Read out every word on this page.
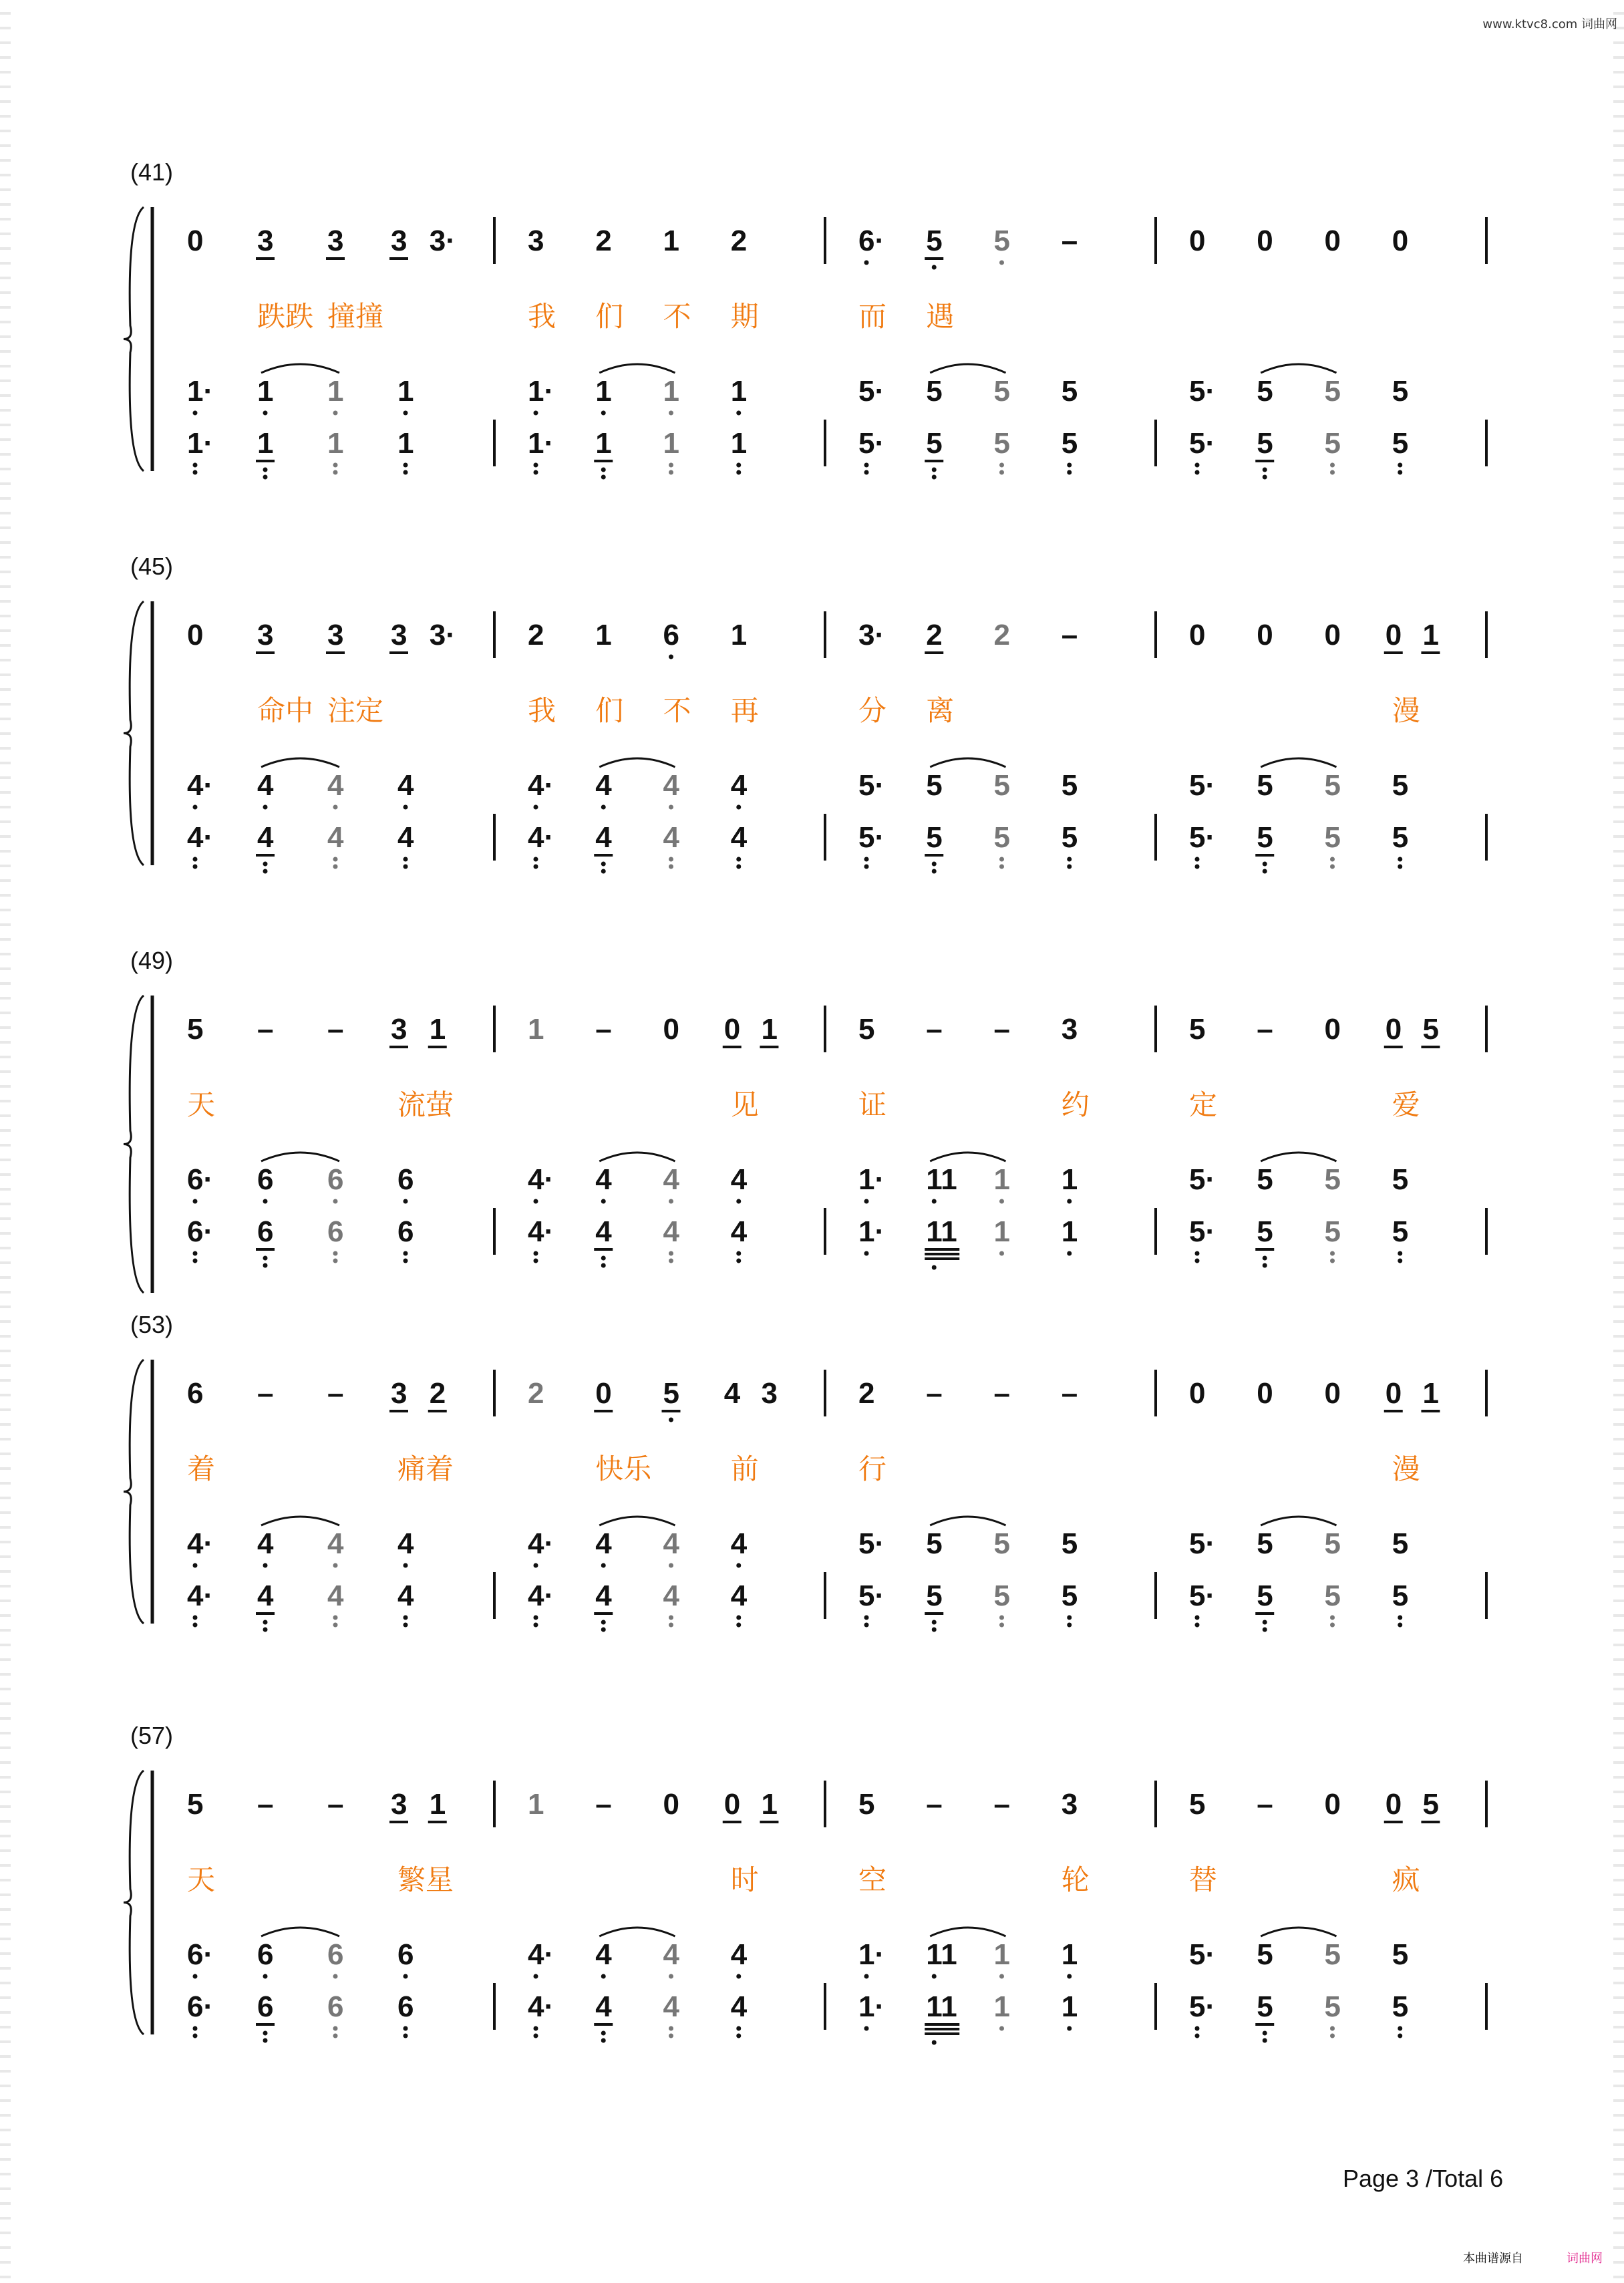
www.ktvc8.com 词曲网
(41)
0 3 3 3 3· 3 2 1 2	6· 5 5 –	0 0 0 0
1· 1 1 1	1· 1 1 1	5· 5 5 5	5· 5 5 5
1· 1 1 1	1· 1 1 1	5· 5 5 5	5· 5 5 5
跌跌 撞撞	我 们 不 期	而 遇
(45)
0 3 3 3 3· 2 1 6 1	3· 2 2 –	0 0 0 0 1
4· 4 4 4	4· 4 4 4	5· 5 5 5	5· 5 5 5
4· 4 4 4	4· 4 4 4	5· 5 5 5	5· 5 5 5
命中 注定	我 们 不 再	分 离	漫
(49)
5 – – 3 1	1 – 0 0 1	5 – – 3	5 – 0 0 5
6· 6 6 6	4· 4 4 4	1· 11 1 1	5· 5 5 5
6· 6 6 6	4· 4 4 4	1· 11 1 1	5· 5 5 5
天	流萤	见	证	约	定	爱
(53)
6 – – 3 2	2 0 5 4 3	2 – – –	0 0 0 0 1
4· 4 4 4	4· 4 4 4	5· 5 5 5	5· 5 5 5
4· 4 4 4	4· 4 4 4	5· 5 5 5	5· 5 5 5
着	痛着	快乐	前	行	漫
(57)
5 – – 3 1	1 – 0 0 1	5 – – 3	5 – 0 0 5
6· 6 6 6	4· 4 4 4	1· 11 1 1	5· 5 5 5
6· 6 6 6	4· 4 4 4	1· 11 1 1	5· 5 5 5
天	繁星	时	空	轮	替	疯
Page 3 /Total 6
本曲谱源自	词曲网
